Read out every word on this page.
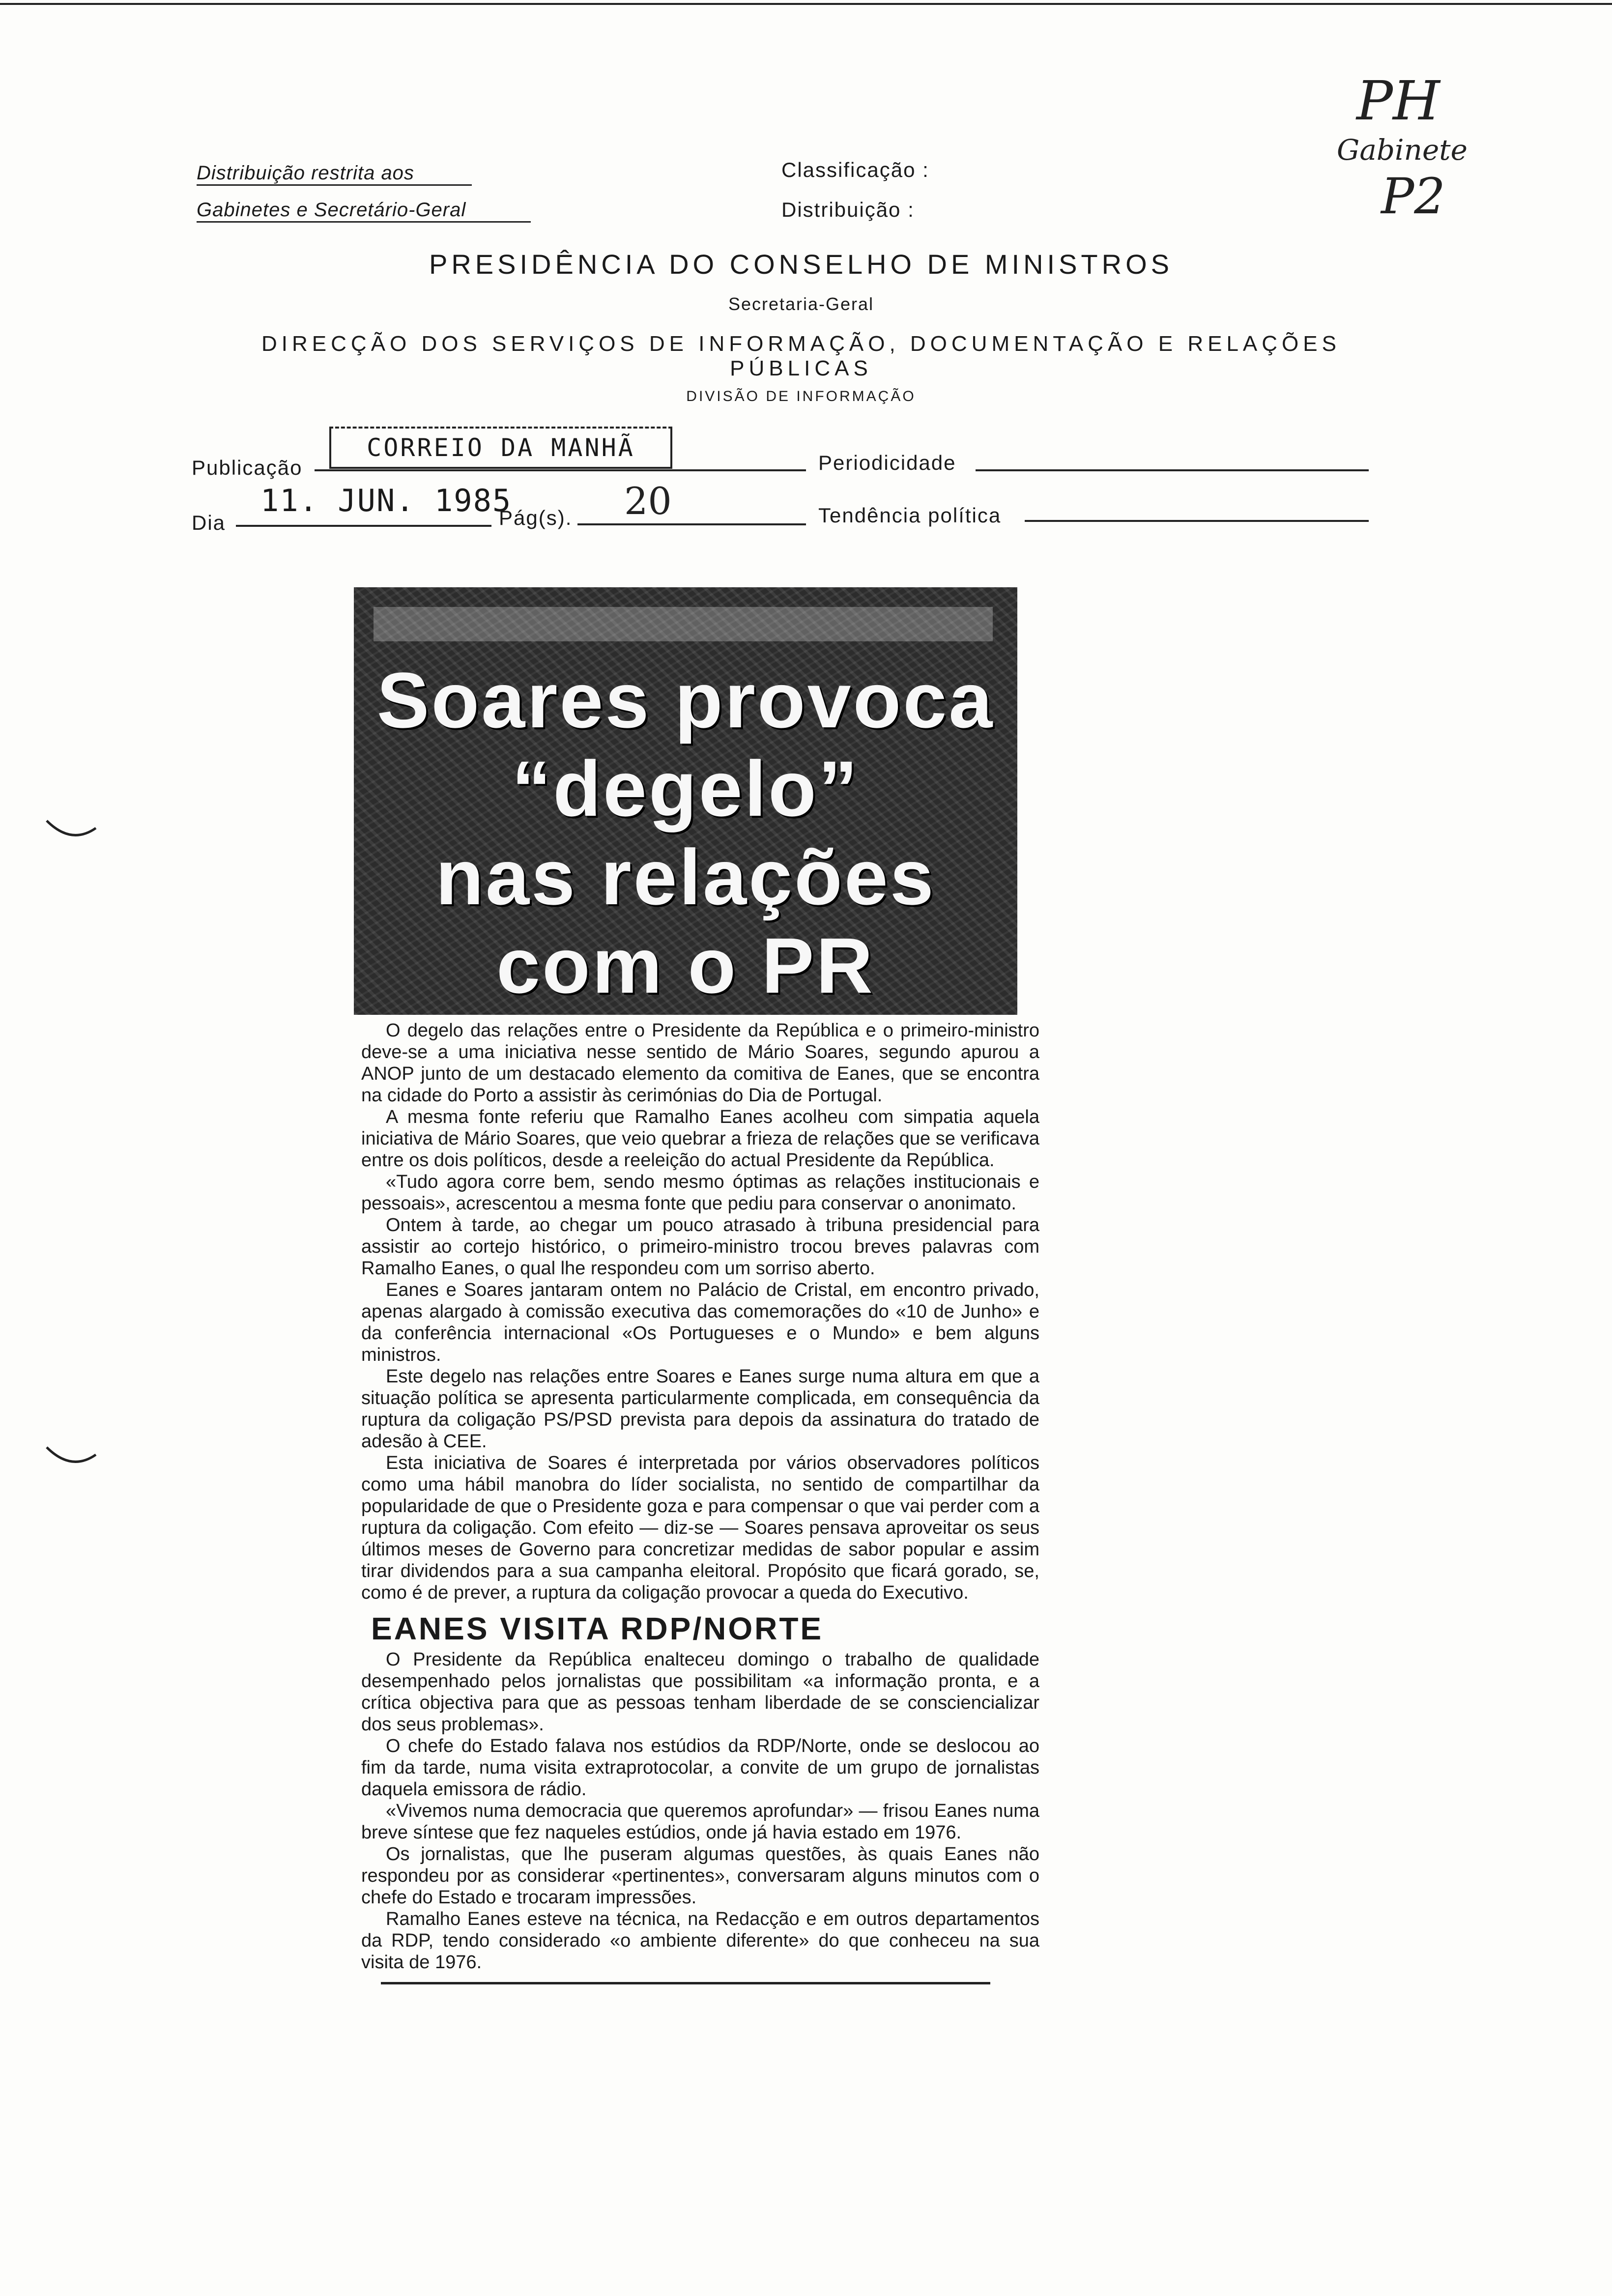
PH
Gabinete
P2
Distribuição restrita aos
Gabinetes e Secretário-Geral
Classificação :
Distribuição :
PRESIDÊNCIA DO CONSELHO DE MINISTROS
Secretaria-Geral
DIRECÇÃO DOS SERVIÇOS DE INFORMAÇÃO, DOCUMENTAÇÃO E RELAÇÕES PÚBLICAS
DIVISÃO DE INFORMAÇÃO
Publicação
CORREIO DA MANHÃ
Periodicidade
Dia
11. JUN. 1985
Pág(s). 20	Tendência política
Soares provoca
“degelo”
nas relações
com o PR

O degelo das relações entre o Presidente da República e o primeiro-ministro deve-se a uma iniciativa nesse sentido de Mário Soares, segundo apurou a ANOP junto de um destacado elemento da comitiva de Eanes, que se encontra na cidade do Porto a assistir às cerimónias do Dia de Portugal.

A mesma fonte referiu que Ramalho Eanes acolheu com simpatia aquela iniciativa de Mário Soares, que veio quebrar a frieza de relações que se verificava entre os dois políticos, desde a reeleição do actual Presidente da República.

«Tudo agora corre bem, sendo mesmo óptimas as relações institucionais e pessoais», acrescentou a mesma fonte que pediu para conservar o anonimato.

Ontem à tarde, ao chegar um pouco atrasado à tribuna presidencial para assistir ao cortejo histórico, o primeiro-ministro trocou breves palavras com Ramalho Eanes, o qual lhe respondeu com um sorriso aberto.

Eanes e Soares jantaram ontem no Palácio de Cristal, em encontro privado, apenas alargado à comissão executiva das comemorações do «10 de Junho» e da conferência internacional «Os Portugueses e o Mundo» e bem alguns ministros.

Este degelo nas relações entre Soares e Eanes surge numa altura em que a situação política se apresenta particularmente complicada, em consequência da ruptura da coligação PS/PSD prevista para depois da assinatura do tratado de adesão à CEE.

Esta iniciativa de Soares é interpretada por vários observadores políticos como uma hábil manobra do líder socialista, no sentido de compartilhar da popularidade de que o Presidente goza e para compensar o que vai perder com a ruptura da coligação. Com efeito — diz-se — Soares pensava aproveitar os seus últimos meses de Governo para concretizar medidas de sabor popular e assim tirar dividendos para a sua campanha eleitoral. Propósito que ficará gorado, se, como é de prever, a ruptura da coligação provocar a queda do Executivo.

EANES VISITA RDP/NORTE

O Presidente da República enalteceu domingo o trabalho de qualidade desempenhado pelos jornalistas que possibilitam «a informação pronta, e a crítica objectiva para que as pessoas tenham liberdade de se consciencializar dos seus problemas».

O chefe do Estado falava nos estúdios da RDP/Norte, onde se deslocou ao fim da tarde, numa visita extraprotocolar, a convite de um grupo de jornalistas daquela emissora de rádio.

«Vivemos numa democracia que queremos aprofundar» — frisou Eanes numa breve síntese que fez naqueles estúdios, onde já havia estado em 1976.

Os jornalistas, que lhe puseram algumas questões, às quais Eanes não respondeu por as considerar «pertinentes», conversaram alguns minutos com o chefe do Estado e trocaram impressões.

Ramalho Eanes esteve na técnica, na Redacção e em outros departamentos da RDP, tendo considerado «o ambiente diferente» do que conheceu na sua visita de 1976.
